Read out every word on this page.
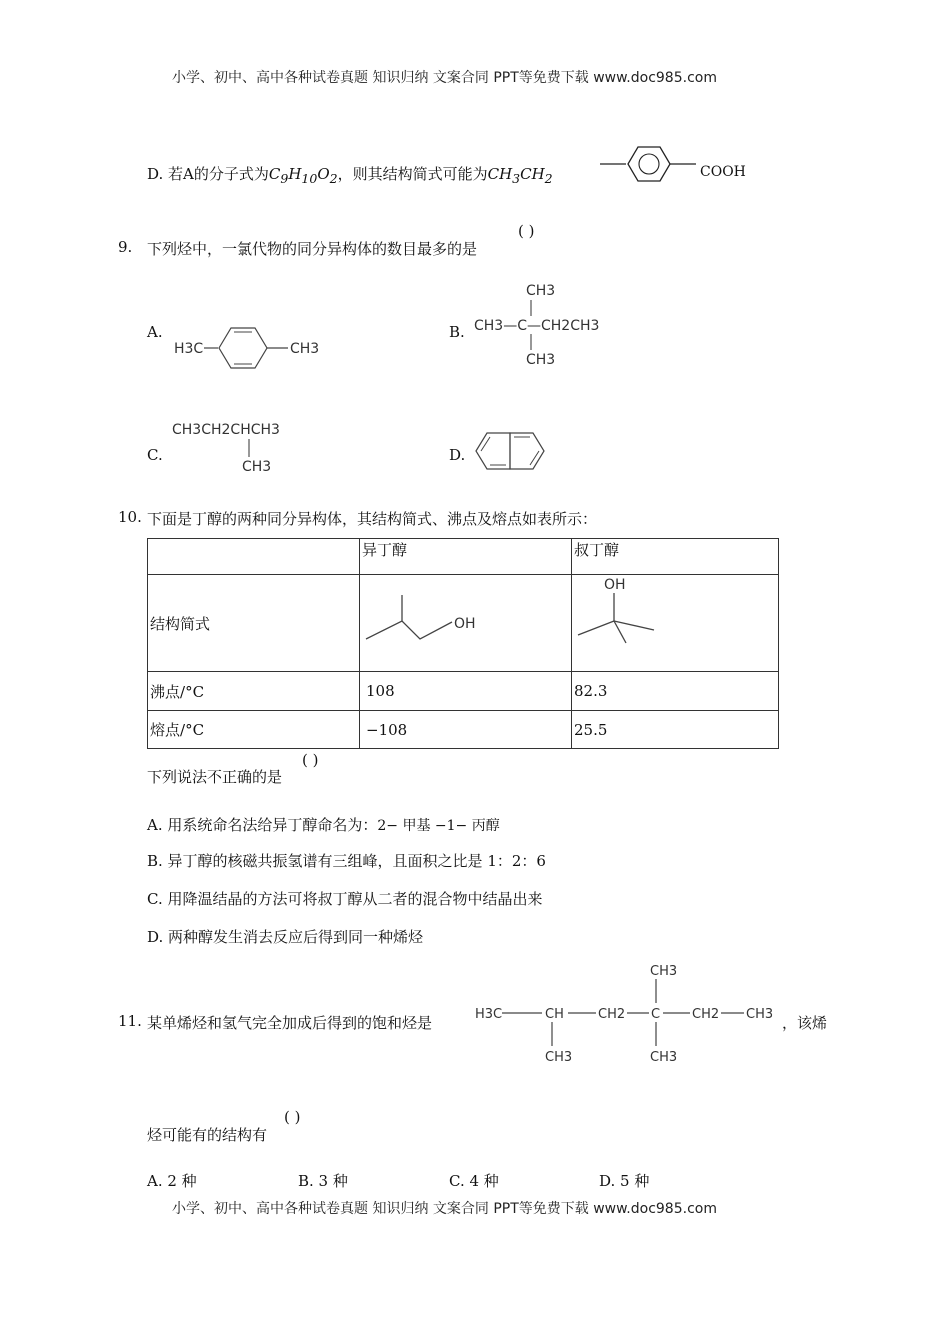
小学、初中、高中各种试卷真题 知识归纳 文案合同 PPT等免费下载 www.doc985.com
D. 若A的分子式为$C_9H_{10}O_2$，则其结构简式可能为$CH_3CH_2$	COOH
9. 下列烃中，一氯代物的同分异构体的数目最多的是
( )
A.
H3C	CH3
B.
CH3
CH3—C—CH2CH3
CH3
CH3CH2CHCH3
CH3
C.	D.
10. 下面是丁醇的两种同分异构体，其结构简式、沸点及熔点如表所示：
	异丁醇	叔丁醇
结构简式	OH	OH

沸点/°C	108	82.3
熔点/°C	−108	25.5
下列说法不正确的是
( )
A. 用系统命名法给异丁醇命名为：2− 甲基 −1− 丙醇
B. 异丁醇的核磁共振氢谱有三组峰，且面积之比是 1：2：6
C. 用降温结晶的方法可将叔丁醇从二者的混合物中结晶出来
D. 两种醇发生消去反应后得到同一种烯烃
11. 某单烯烃和氢气完全加成后得到的饱和烃是	H3C	CH	CH2 C CH2 CH3
CH3
CH3	CH3
，该烯
烃可能有的结构有
( )
A. 2 种	B. 3 种	C. 4 种	D. 5 种
小学、初中、高中各种试卷真题 知识归纳 文案合同 PPT等免费下载 www.doc985.com
